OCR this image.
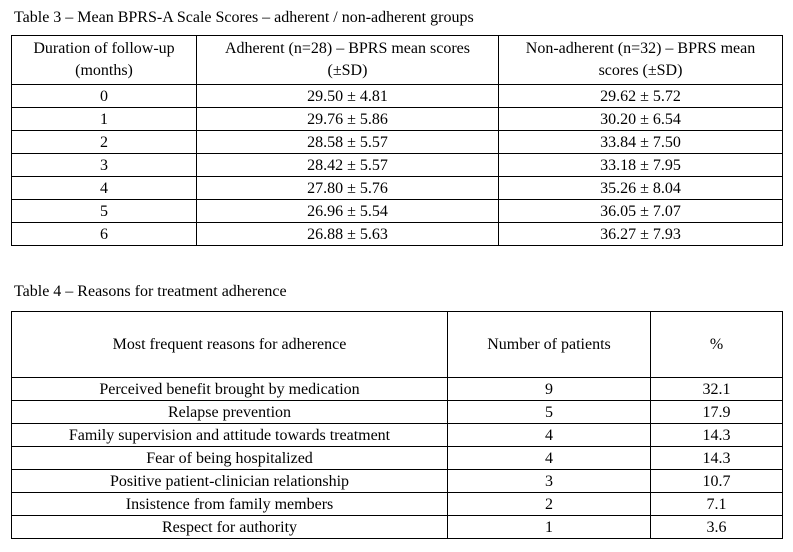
Table 3 – Mean BPRS-A Scale Scores – adherent / non-adherent groups
Duration of follow-up (months)	Adherent (n=28) – BPRS mean scores (±SD)	Non-adherent (n=32) – BPRS mean scores (±SD)
0	29.50 ± 4.81	29.62 ± 5.72
1	29.76 ± 5.86	30.20 ± 6.54
2	28.58 ± 5.57	33.84 ± 7.50
3	28.42 ± 5.57	33.18 ± 7.95
4	27.80 ± 5.76	35.26 ± 8.04
5	26.96 ± 5.54	36.05 ± 7.07
6	26.88 ± 5.63	36.27 ± 7.93
Table 4 – Reasons for treatment adherence
Most frequent reasons for adherence	Number of patients	%
Perceived benefit brought by medication	9	32.1
Relapse prevention	5	17.9
Family supervision and attitude towards treatment	4	14.3
Fear of being hospitalized	4	14.3
Positive patient-clinician relationship	3	10.7
Insistence from family members	2	7.1
Respect for authority	1	3.6
